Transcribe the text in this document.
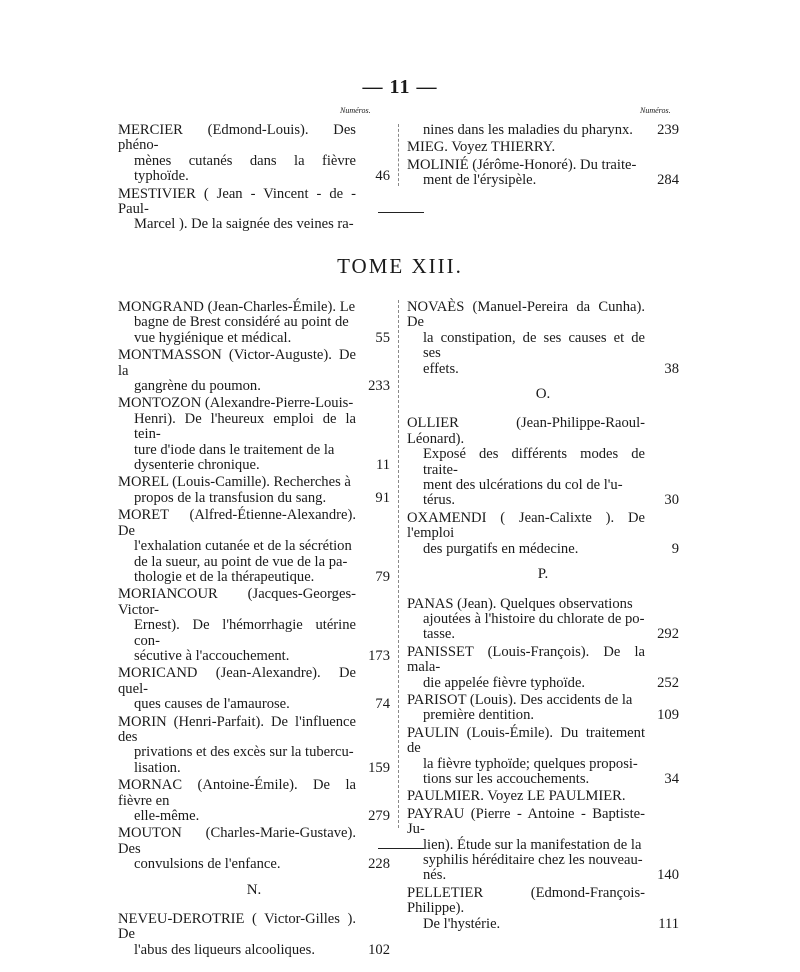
— 11 —
Numéros.	Numéros.
MERCIER (Edmond-Louis). Des phéno-
mènes cutanés dans la fièvre typhoïde.	46
MESTIVIER ( Jean - Vincent - de - Paul-
Marcel ). De la saignée des veines ra-
nines dans les maladies du pharynx.	239
MIEG. Voyez THIERRY.
MOLINIÉ (Jérôme-Honoré). Du traite-
ment de l'érysipèle.	284
TOME XIII.
MONGRAND (Jean-Charles-Émile). Le
bagne de Brest considéré au point de
vue hygiénique et médical.	55
MONTMASSON (Victor-Auguste). De la
gangrène du poumon.	233
MONTOZON (Alexandre-Pierre-Louis-
Henri). De l'heureux emploi de la tein-
ture d'iode dans le traitement de la
dysenterie chronique.	11
MOREL (Louis-Camille). Recherches à
propos de la transfusion du sang.	91
MORET (Alfred-Étienne-Alexandre). De
l'exhalation cutanée et de la sécrétion
de la sueur, au point de vue de la pa-
thologie et de la thérapeutique.	79
MORIANCOUR (Jacques-Georges-Victor-
Ernest). De l'hémorrhagie utérine con-
sécutive à l'accouchement.	173
MORICAND (Jean-Alexandre). De quel-
ques causes de l'amaurose.	74
MORIN (Henri-Parfait). De l'influence des
privations et des excès sur la tubercu-
lisation.	159
MORNAC (Antoine-Émile). De la fièvre en
elle-même.	279
MOUTON (Charles-Marie-Gustave). Des
convulsions de l'enfance.	228
N.
NEVEU-DEROTRIE ( Victor-Gilles ). De
l'abus des liqueurs alcooliques.	102
NOVAÈS (Manuel-Pereira da Cunha). De
la constipation, de ses causes et de ses
effets.	38
O.
OLLIER (Jean-Philippe-Raoul-Léonard).
Exposé des différents modes de traite-
ment des ulcérations du col de l'u-
térus.	30
OXAMENDI ( Jean-Calixte ). De l'emploi
des purgatifs en médecine.	9
P.
PANAS (Jean). Quelques observations
ajoutées à l'histoire du chlorate de po-
tasse.	292
PANISSET (Louis-François). De la mala-
die appelée fièvre typhoïde.	252
PARISOT (Louis). Des accidents de la
première dentition.	109
PAULIN (Louis-Émile). Du traitement de
la fièvre typhoïde; quelques proposi-
tions sur les accouchements.	34
PAULMIER. Voyez LE PAULMIER.
PAYRAU (Pierre - Antoine - Baptiste-Ju-
lien). Étude sur la manifestation de la
syphilis héréditaire chez les nouveau-
nés.	140
PELLETIER (Edmond-François-Philippe).
De l'hystérie.	111
